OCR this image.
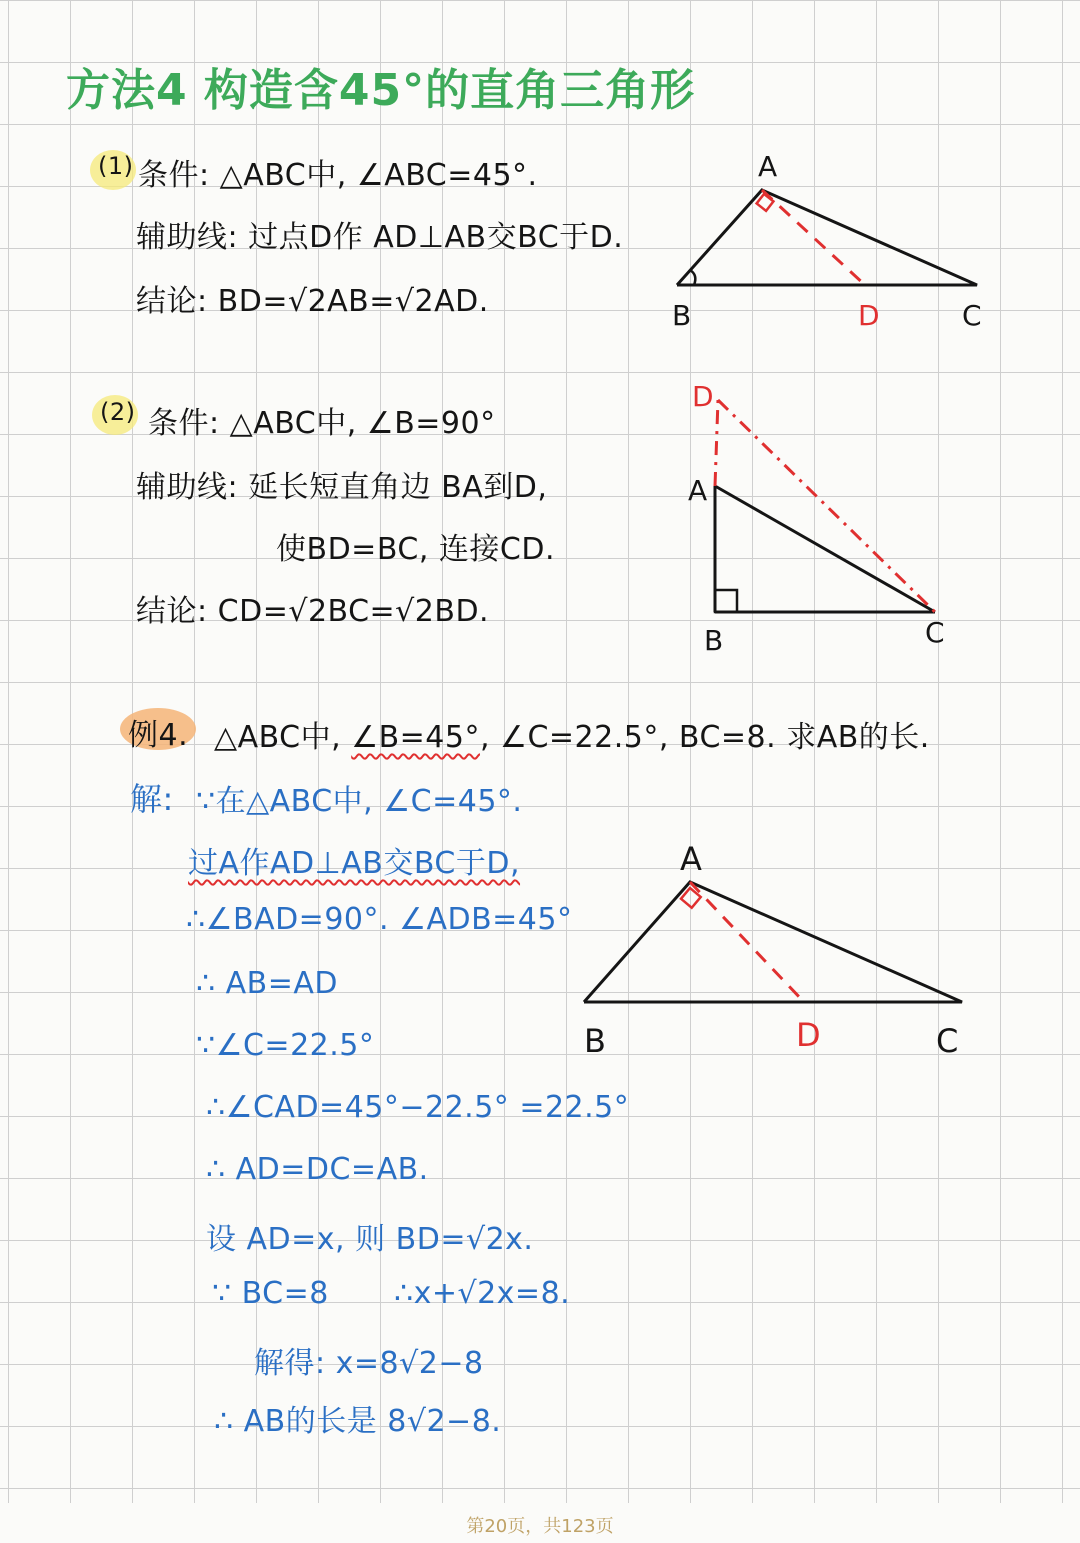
方法4 构造含45°的直角三角形
(1) 条件: △ABC中, ∠ABC=45°.
辅助线: 过点D作 AD⊥AB交BC于D.
结论: BD=√2AB=√2AD.
A
B	D	C
(2) 条件: △ABC中, ∠B=90°
辅助线: 延长短直角边 BA到D,
使BD=BC, 连接CD.
结论: CD=√2BC=√2BD.
D
A
B	C
例4. △ABC中, ∠B=45°, ∠C=22.5°, BC=8. 求AB的长.
解: ∵在△ABC中, ∠C=45°.
过A作AD⊥AB交BC于D,
∴∠BAD=90°. ∠ADB=45°
∴ AB=AD
∵∠C=22.5°
∴∠CAD=45°−22.5° =22.5°
∴ AD=DC=AB.
设 AD=x, 则 BD=√2x.
∵ BC=8 ∴x+√2x=8.
解得: x=8√2−8
∴ AB的长是 8√2−8.
A
B	D	C
第20页，共123页
